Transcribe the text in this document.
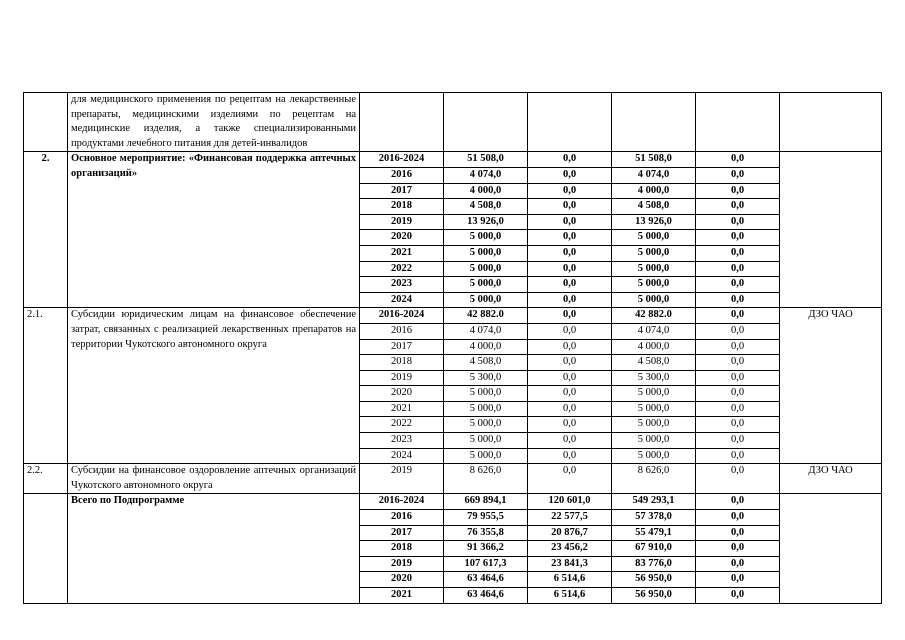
	для медицинского применения по рецептам на лекарственные препараты, медицинскими изделиями по рецептам на медицинские изделия, а также специализированными продуктами лечебного питания для детей-инвалидов						
2.	Основное мероприятие: «Финансовая поддержка аптечных организаций»	2016-2024	51 508,0	0,0	51 508,0	0,0	
		2016	4 074,0	0,0	4 074,0	0,0	
		2017	4 000,0	0,0	4 000,0	0,0	
		2018	4 508,0	0,0	4 508,0	0,0	
		2019	13 926,0	0,0	13 926,0	0,0	
		2020	5 000,0	0,0	5 000,0	0,0	
		2021	5 000,0	0,0	5 000,0	0,0	
		2022	5 000,0	0,0	5 000,0	0,0	
		2023	5 000,0	0,0	5 000,0	0,0	
		2024	5 000,0	0,0	5 000,0	0,0	
2.1.	Субсидии юридическим лицам на финансовое обеспечение затрат, связанных с реализацией лекарственных препаратов на территории Чукотского автономного округа	2016-2024	42 882.0	0,0	42 882.0	0,0	ДЗО ЧАО
		2016	4 074,0	0,0	4 074,0	0,0	
		2017	4 000,0	0,0	4 000,0	0,0	
		2018	4 508,0	0,0	4 508,0	0,0	
		2019	5 300,0	0,0	5 300,0	0,0	
		2020	5 000,0	0,0	5 000,0	0,0	
		2021	5 000,0	0,0	5 000,0	0,0	
		2022	5 000,0	0,0	5 000,0	0,0	
		2023	5 000,0	0,0	5 000,0	0,0	
		2024	5 000,0	0,0	5 000,0	0,0	
2.2.	Субсидии на финансовое оздоровление аптечных организаций Чукотского автономного округа	2019	8 626,0	0,0	8 626,0	0,0	ДЗО ЧАО
	Всего по Подпрограмме	2016-2024	669 894,1	120 601,0	549 293,1	0,0	
		2016	79 955,5	22 577,5	57 378,0	0,0	
		2017	76 355,8	20 876,7	55 479,1	0,0	
		2018	91 366,2	23 456,2	67 910,0	0,0	
		2019	107 617,3	23 841,3	83 776,0	0,0	
		2020	63 464,6	6 514,6	56 950,0	0,0	
		2021	63 464,6	6 514,6	56 950,0	0,0	
